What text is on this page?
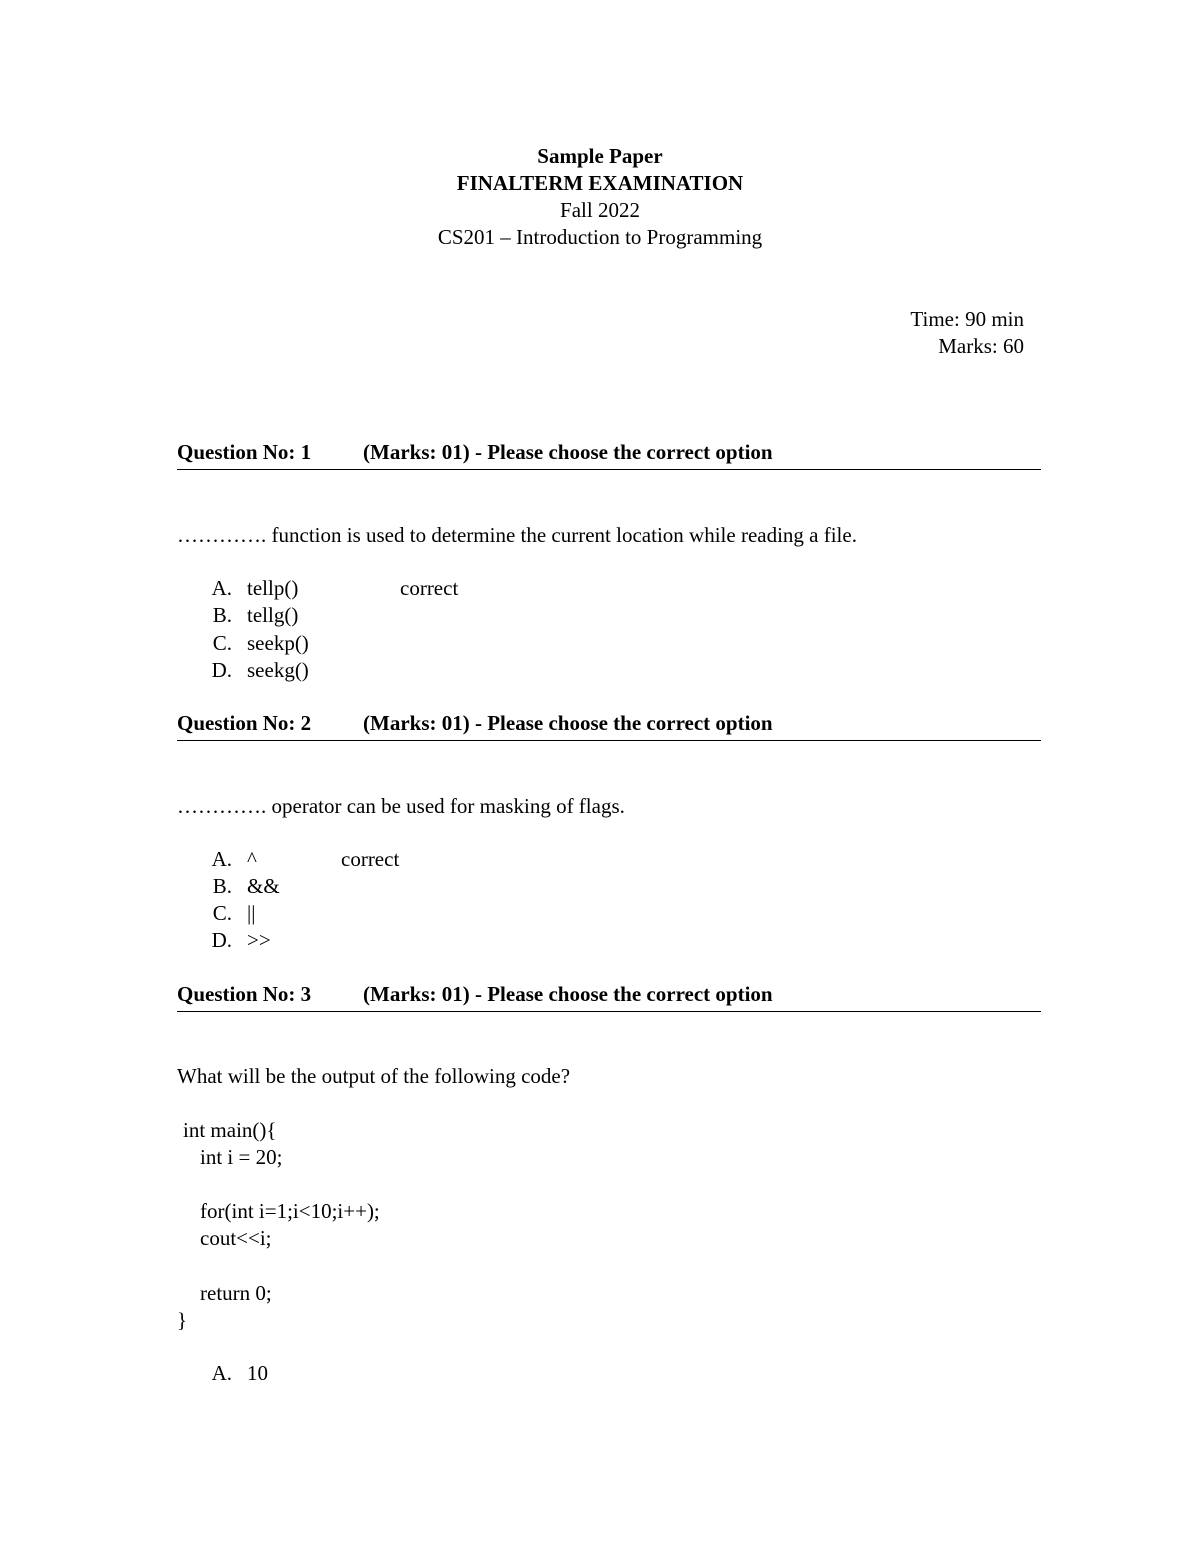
Sample Paper
FINALTERM EXAMINATION
Fall 2022
CS201 – Introduction to Programming
Time: 90 min
Marks: 60

Question No: 1

(Marks: 01) - Please choose the correct option

…………. function is used to determine the current location while reading a file.
A. tellp()	correct
B. tellg()
C. seekp()
D. seekg()

Question No: 2

(Marks: 01) - Please choose the correct option

…………. operator can be used for masking of flags.
A. ^	correct
B. &&
C. ||
D. >>

Question No: 3

(Marks: 01) - Please choose the correct option

What will be the output of the following code?
int main(){
int i = 20;
for(int i=1;i<10;i++);
cout<<i;
return 0;
}
A. 10
